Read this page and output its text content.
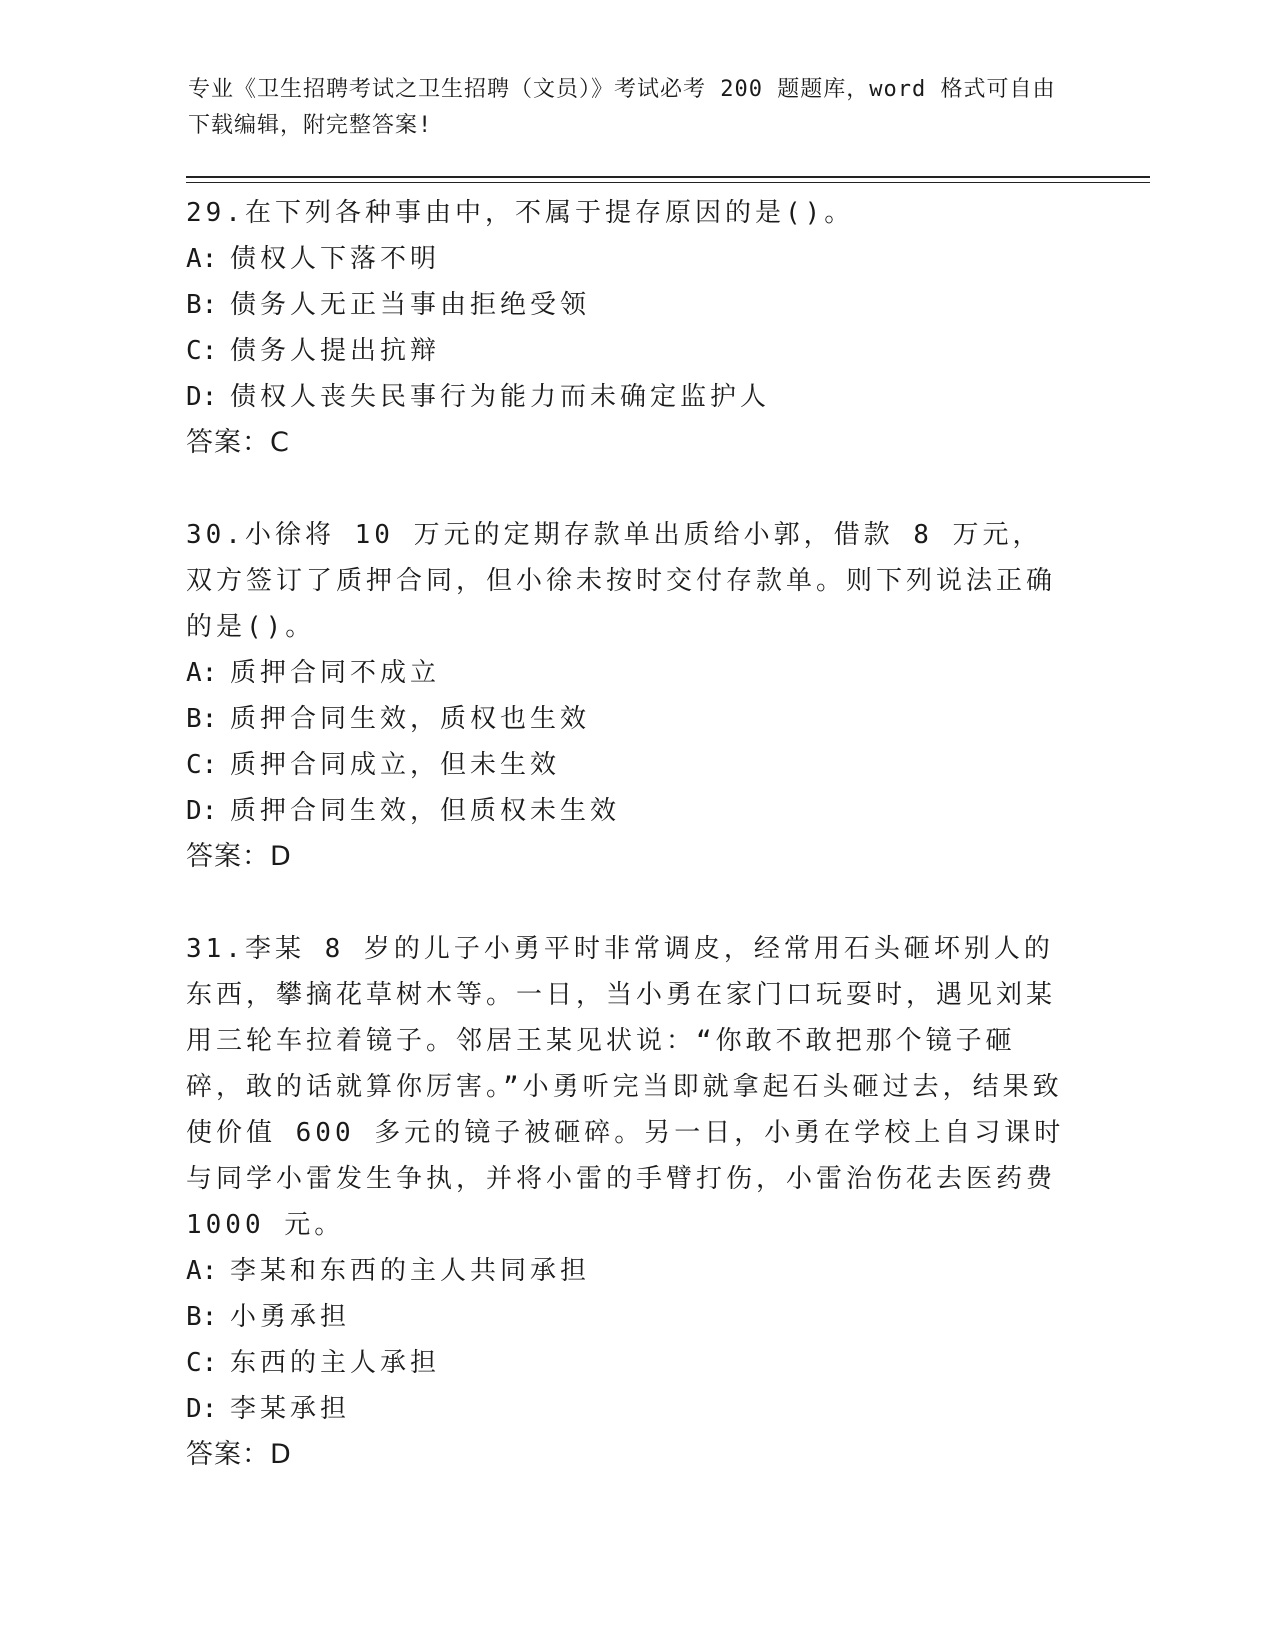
专业《卫生招聘考试之卫生招聘（文员）》考试必考 200 题题库，word 格式可自由下载编辑，附完整答案!

29.在下列各种事由中，不属于提存原因的是()。

A: 债权人下落不明
B: 债务人无正当事由拒绝受领
C: 债务人提出抗辩
D: 债权人丧失民事行为能力而未确定监护人
答案：C

30.小徐将 10 万元的定期存款单出质给小郭，借款 8 万元，双方签订了质押合同，但小徐未按时交付存款单。则下列说法正确的是()。

A: 质押合同不成立
B: 质押合同生效，质权也生效
C: 质押合同成立，但未生效
D: 质押合同生效，但质权未生效
答案：D

31.李某 8 岁的儿子小勇平时非常调皮，经常用石头砸坏别人的东西，攀摘花草树木等。一日，当小勇在家门口玩耍时，遇见刘某用三轮车拉着镜子。邻居王某见状说：“你敢不敢把那个镜子砸碎，敢的话就算你厉害。”小勇听完当即就拿起石头砸过去，结果致使价值 600 多元的镜子被砸碎。另一日，小勇在学校上自习课时与同学小雷发生争执，并将小雷的手臂打伤，小雷治伤花去医药费 1000 元。

A: 李某和东西的主人共同承担
B: 小勇承担
C: 东西的主人承担
D: 李某承担
答案：D
